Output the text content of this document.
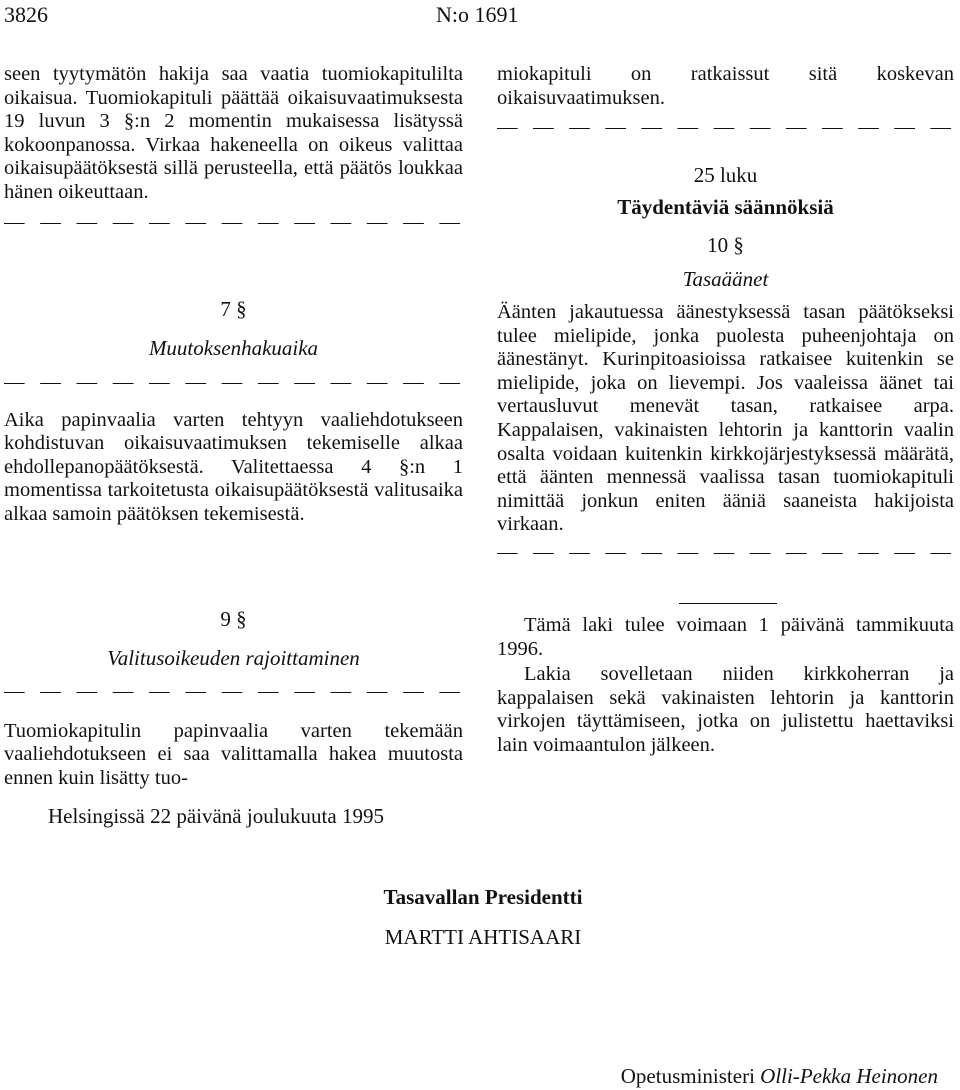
3826	N:o 1691

seen tyytymätön hakija saa vaatia tuomiokapitulilta oikaisua. Tuomiokapituli päättää oikaisuvaatimuksesta 19 luvun 3 §:n 2 momentin mukaisessa lisätyssä kokoonpanossa. Virkaa hakeneella on oikeus valittaa oikaisupäätöksestä sillä perusteella, että päätös loukkaa hänen oikeuttaan.

— — — — — — — — — — — — —
7 §
Muutoksenhakuaika
— — — — — — — — — — — — —

Aika papinvaalia varten tehtyyn vaaliehdotukseen kohdistuvan oikaisuvaatimuksen tekemiselle alkaa ehdollepanopäätöksestä. Valitettaessa 4 §:n 1 momentissa tarkoitetusta oikaisupäätöksestä valitusaika alkaa samoin päätöksen tekemisestä.

9 §
Valitusoikeuden rajoittaminen
— — — — — — — — — — — — —

Tuomiokapitulin papinvaalia varten tekemään vaaliehdotukseen ei saa valittamalla hakea muutosta ennen kuin lisätty tuo-

miokapituli on ratkaissut sitä koskevan oikaisuvaatimuksen.

— — — — — — — — — — — — —
25 luku
Täydentäviä säännöksiä
10 §
Tasaäänet

Äänten jakautuessa äänestyksessä tasan päätökseksi tulee mielipide, jonka puolesta puheenjohtaja on äänestänyt. Kurinpitoasioissa ratkaisee kuitenkin se mielipide, joka on lievempi. Jos vaaleissa äänet tai vertausluvut menevät tasan, ratkaisee arpa. Kappalaisen, vakinaisten lehtorin ja kanttorin vaalin osalta voidaan kuitenkin kirkkojärjestyksessä määrätä, että äänten mennessä vaalissa tasan tuomiokapituli nimittää jonkun eniten ääniä saaneista hakijoista virkaan.

— — — — — — — — — — — — —

Tämä laki tulee voimaan 1 päivänä tammikuuta 1996.

Lakia sovelletaan niiden kirkkoherran ja kappalaisen sekä vakinaisten lehtorin ja kanttorin virkojen täyttämiseen, jotka on julistettu haettaviksi lain voimaantulon jälkeen.

Helsingissä 22 päivänä joulukuuta 1995
Tasavallan Presidentti
MARTTI AHTISAARI
Opetusministeri Olli-Pekka Heinonen
